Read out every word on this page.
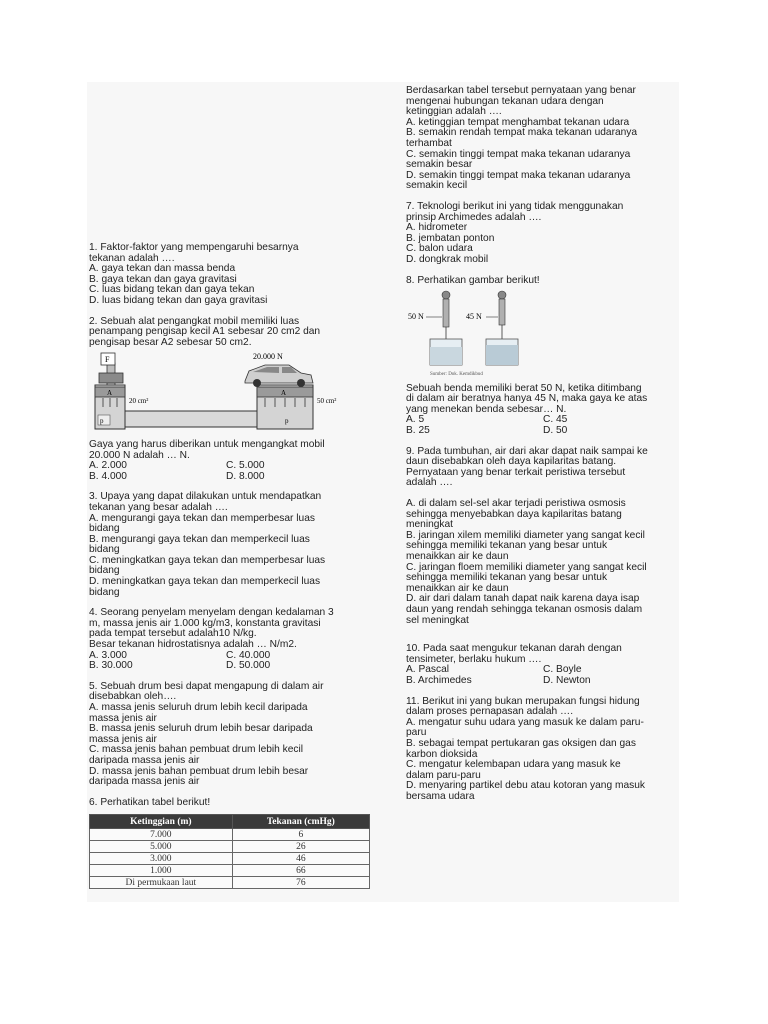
1. Faktor-faktor yang mempengaruhi besarnya
tekanan adalah ….
A. gaya tekan dan massa benda
B. gaya tekan dan gaya gravitasi
C. luas bidang tekan dan gaya tekan
D. luas bidang tekan dan gaya gravitasi
2. Sebuah alat pengangkat mobil memiliki luas
penampang pengisap kecil A1 sebesar 20 cm2 dan
pengisap besar A2 sebesar 50 cm2.
F
20 cm²
A
p
A
p
50 cm²
20.000 N
Gaya yang harus diberikan untuk mengangkat mobil
20.000 N adalah … N.
A. 2.000	C. 5.000
B. 4.000	D. 8.000
3. Upaya yang dapat dilakukan untuk mendapatkan
tekanan yang besar adalah ….
A. mengurangi gaya tekan dan memperbesar luas
bidang
B. mengurangi gaya tekan dan memperkecil luas
bidang
C. meningkatkan gaya tekan dan memperbesar luas
bidang
D. meningkatkan gaya tekan dan memperkecil luas
bidang
4. Seorang penyelam menyelam dengan kedalaman 3
m, massa jenis air 1.000 kg/m3, konstanta gravitasi
pada tempat tersebut adalah10 N/kg.
Besar tekanan hidrostatisnya adalah … N/m2.
A. 3.000	C. 40.000
B. 30.000	D. 50.000
5. Sebuah drum besi dapat mengapung di dalam air
disebabkan oleh….
A. massa jenis seluruh drum lebih kecil daripada
massa jenis air
B. massa jenis seluruh drum lebih besar daripada
massa jenis air
C. massa jenis bahan pembuat drum lebih kecil
daripada massa jenis air
D. massa jenis bahan pembuat drum lebih besar
daripada massa jenis air
6. Perhatikan tabel berikut!
Ketinggian (m)	Tekanan (cmHg)
7.000	6
5.000	26
3.000	46
1.000	66
Di permukaan laut	76
Berdasarkan tabel tersebut pernyataan yang benar
mengenai hubungan tekanan udara dengan
ketinggian adalah ….
A. ketinggian tempat menghambat tekanan udara
B. semakin rendah tempat maka tekanan udaranya
terhambat
C. semakin tinggi tempat maka tekanan udaranya
semakin besar
D. semakin tinggi tempat maka tekanan udaranya
semakin kecil
7. Teknologi berikut ini yang tidak menggunakan
prinsip Archimedes adalah ….
A. hidrometer
B. jembatan ponton
C. balon udara
D. dongkrak mobil
8. Perhatikan gambar berikut!
50 N	45 N
Sumber: Dok. Kemdikbud
Sebuah benda memiliki berat 50 N, ketika ditimbang
di dalam air beratnya hanya 45 N, maka gaya ke atas
yang menekan benda sebesar… N.
A. 5	C. 45
B. 25	D. 50
9. Pada tumbuhan, air dari akar dapat naik sampai ke
daun disebabkan oleh daya kapilaritas batang.
Pernyataan yang benar terkait peristiwa tersebut
adalah ….
A. di dalam sel-sel akar terjadi peristiwa osmosis
sehingga menyebabkan daya kapilaritas batang
meningkat
B. jaringan xilem memiliki diameter yang sangat kecil
sehingga memiliki tekanan yang besar untuk
menaikkan air ke daun
C. jaringan floem memiliki diameter yang sangat kecil
sehingga memiliki tekanan yang besar untuk
menaikkan air ke daun
D. air dari dalam tanah dapat naik karena daya isap
daun yang rendah sehingga tekanan osmosis dalam
sel meningkat
10. Pada saat mengukur tekanan darah dengan
tensimeter, berlaku hukum ….
A. Pascal	C. Boyle
B. Archimedes	D. Newton
11. Berikut ini yang bukan merupakan fungsi hidung
dalam proses pernapasan adalah ….
A. mengatur suhu udara yang masuk ke dalam paru-
paru
B. sebagai tempat pertukaran gas oksigen dan gas
karbon dioksida
C. mengatur kelembapan udara yang masuk ke
dalam paru-paru
D. menyaring partikel debu atau kotoran yang masuk
bersama udara
